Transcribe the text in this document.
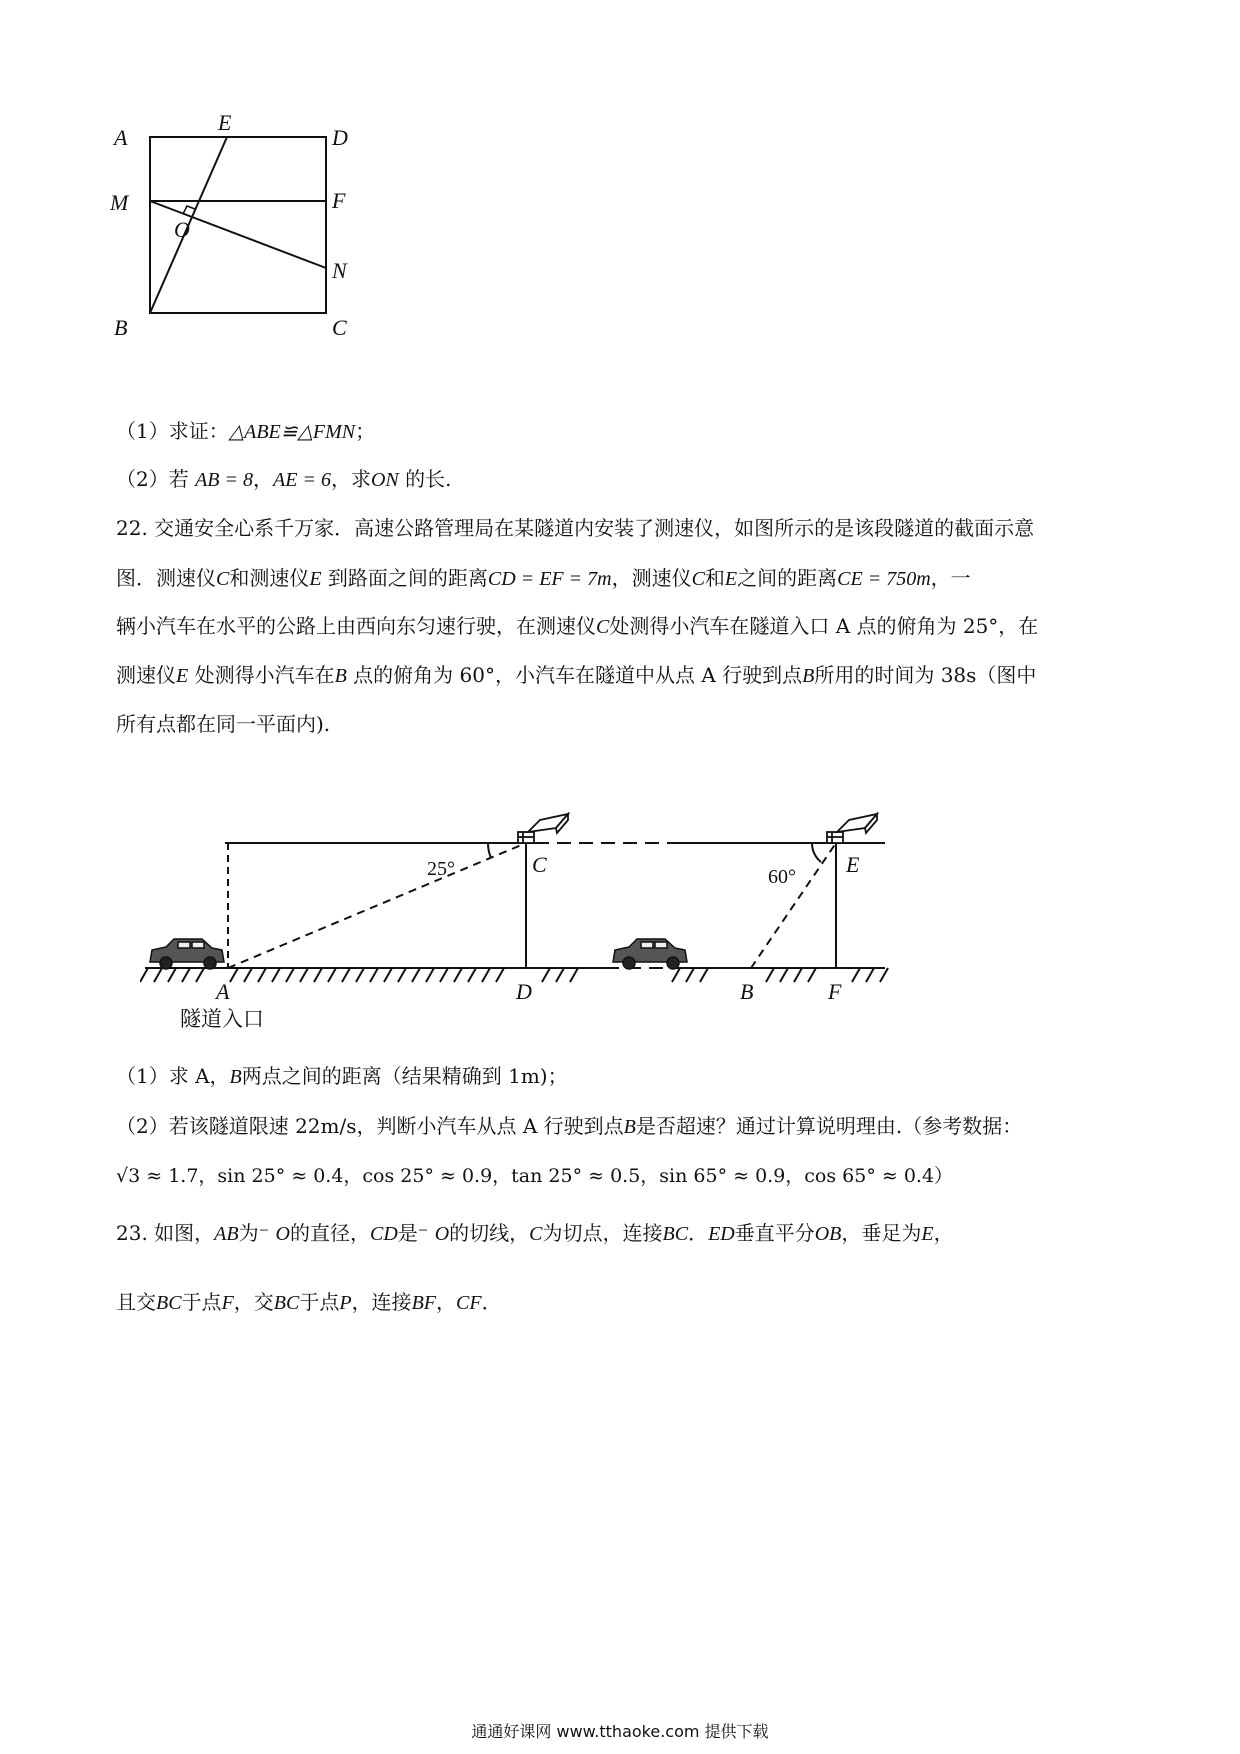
A
E
D
M	F
O
N
B	C
（1）求证：△ABE≌△FMN；
（2）若 AB = 8，AE = 6，求ON 的长.
22. 交通安全心系千万家．高速公路管理局在某隧道内安装了测速仪，如图所示的是该段隧道的截面示意
图．测速仪C和测速仪E 到路面之间的距离CD = EF = 7m，测速仪C和E之间的距离CE = 750m，一
辆小汽车在水平的公路上由西向东匀速行驶，在测速仪C处测得小汽车在隧道入口 A 点的俯角为 25°，在
测速仪E 处测得小汽车在B 点的俯角为 60°，小汽车在隧道中从点 A 行驶到点B所用的时间为 38s（图中
所有点都在同一平面内).
25°	C	60° E
A	D	B	F
隧道入口
（1）求 A，B两点之间的距离（结果精确到 1m)；
（2）若该隧道限速 22m/s，判断小汽车从点 A 行驶到点B是否超速？通过计算说明理由.（参考数据：
√3 ≈ 1.7，sin 25° ≈ 0.4，cos 25° ≈ 0.9，tan 25° ≈ 0.5，sin 65° ≈ 0.9，cos 65° ≈ 0.4）
23. 如图，AB为⁻ O的直径，CD是⁻ O的切线，C为切点，连接BC．ED垂直平分OB，垂足为E，
且交BC于点F，交BC于点P，连接BF，CF．
通通好课网 www.tthaoke.com 提供下载
